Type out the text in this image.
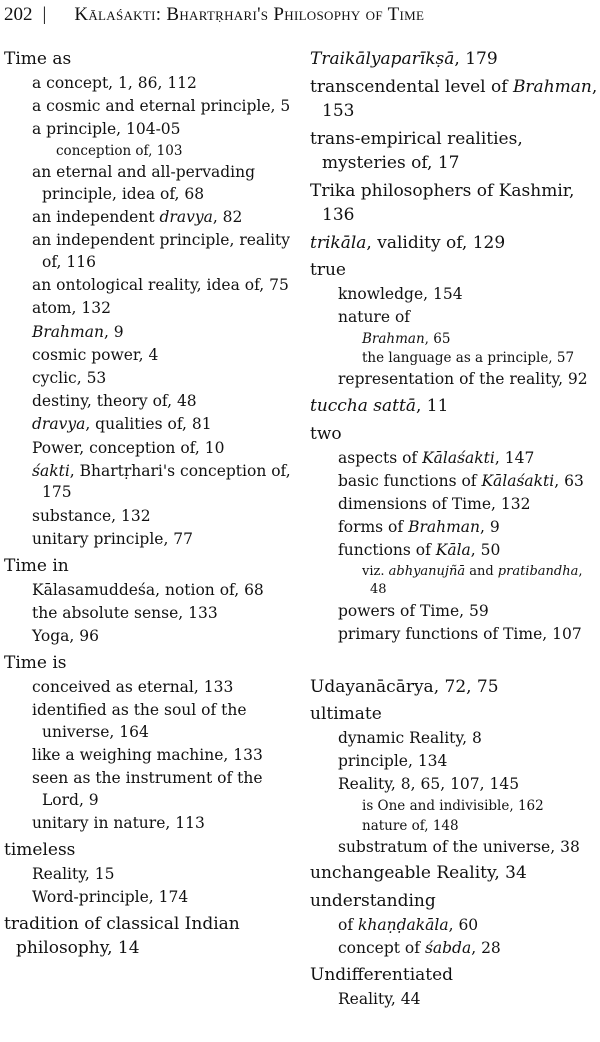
202 | Kālaśakti: Bhartṛhari's Philosophy of Time

Time as

a concept, 1, 86, 112

a cosmic and eternal principle, 5

a principle, 104-05

conception of, 103

an eternal and all-pervading principle, idea of, 68

an independent dravya, 82

an independent principle, reality of, 116

an ontological reality, idea of, 75

atom, 132

Brahman, 9

cosmic power, 4

cyclic, 53

destiny, theory of, 48

dravya, qualities of, 81

Power, conception of, 10

śakti, Bhartṛhari's conception of, 175

substance, 132

unitary principle, 77

Time in

Kālasamuddeśa, notion of, 68

the absolute sense, 133

Yoga, 96

Time is

conceived as eternal, 133

identified as the soul of the universe, 164

like a weighing machine, 133

seen as the instrument of the Lord, 9

unitary in nature, 113

timeless

Reality, 15

Word-principle, 174

tradition of classical Indian philosophy, 14

Traikālyaparīkṣā, 179

transcendental level of Brahman, 153

trans-empirical realities, mysteries of, 17

Trika philosophers of Kashmir, 136

trikāla, validity of, 129

true

knowledge, 154

nature of

Brahman, 65

the language as a principle, 57

representation of the reality, 92

tuccha sattā, 11

two

aspects of Kālaśakti, 147

basic functions of Kālaśakti, 63

dimensions of Time, 132

forms of Brahman, 9

functions of Kāla, 50

viz. abhyanujñā and pratibandha, 48

powers of Time, 59

primary functions of Time, 107

Udayanācārya, 72, 75

ultimate

dynamic Reality, 8

principle, 134

Reality, 8, 65, 107, 145

is One and indivisible, 162

nature of, 148

substratum of the universe, 38

unchangeable Reality, 34

understanding

of khaṇḍakāla, 60

concept of śabda, 28

Undifferentiated

Reality, 44
